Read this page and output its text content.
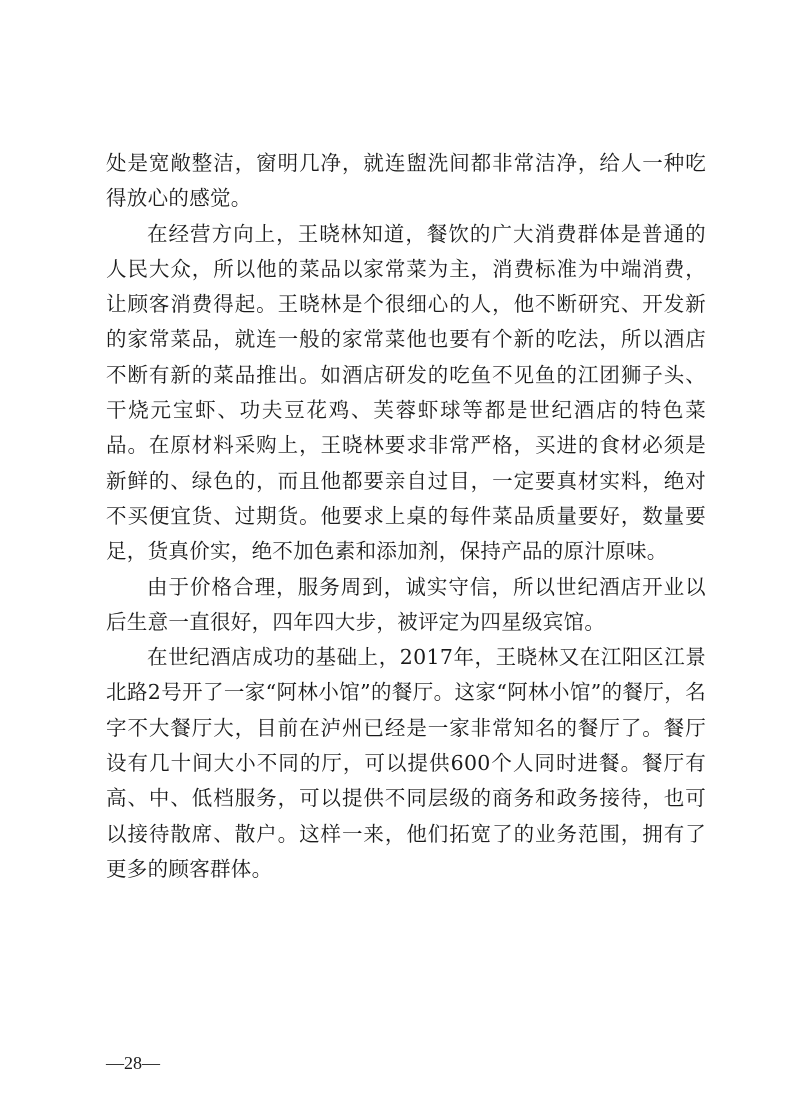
处是宽敞整洁，窗明几净，就连盥洗间都非常洁净，给人一种吃得放心的感觉。

在经营方向上，王晓林知道，餐饮的广大消费群体是普通的人民大众，所以他的菜品以家常菜为主，消费标准为中端消费，让顾客消费得起。王晓林是个很细心的人，他不断研究、开发新的家常菜品，就连一般的家常菜他也要有个新的吃法，所以酒店不断有新的菜品推出。如酒店研发的吃鱼不见鱼的江团狮子头、干烧元宝虾、功夫豆花鸡、芙蓉虾球等都是世纪酒店的特色菜品。在原材料采购上，王晓林要求非常严格，买进的食材必须是新鲜的、绿色的，而且他都要亲自过目，一定要真材实料，绝对不买便宜货、过期货。他要求上桌的每件菜品质量要好，数量要足，货真价实，绝不加色素和添加剂，保持产品的原汁原味。

由于价格合理，服务周到，诚实守信，所以世纪酒店开业以后生意一直很好，四年四大步，被评定为四星级宾馆。

在世纪酒店成功的基础上，2017年，王晓林又在江阳区江景北路2号开了一家“阿林小馆”的餐厅。这家“阿林小馆”的餐厅，名字不大餐厅大，目前在泸州已经是一家非常知名的餐厅了。餐厅设有几十间大小不同的厅，可以提供600个人同时进餐。餐厅有高、中、低档服务，可以提供不同层级的商务和政务接待，也可以接待散席、散户。这样一来，他们拓宽了的业务范围，拥有了更多的顾客群体。

—28—
